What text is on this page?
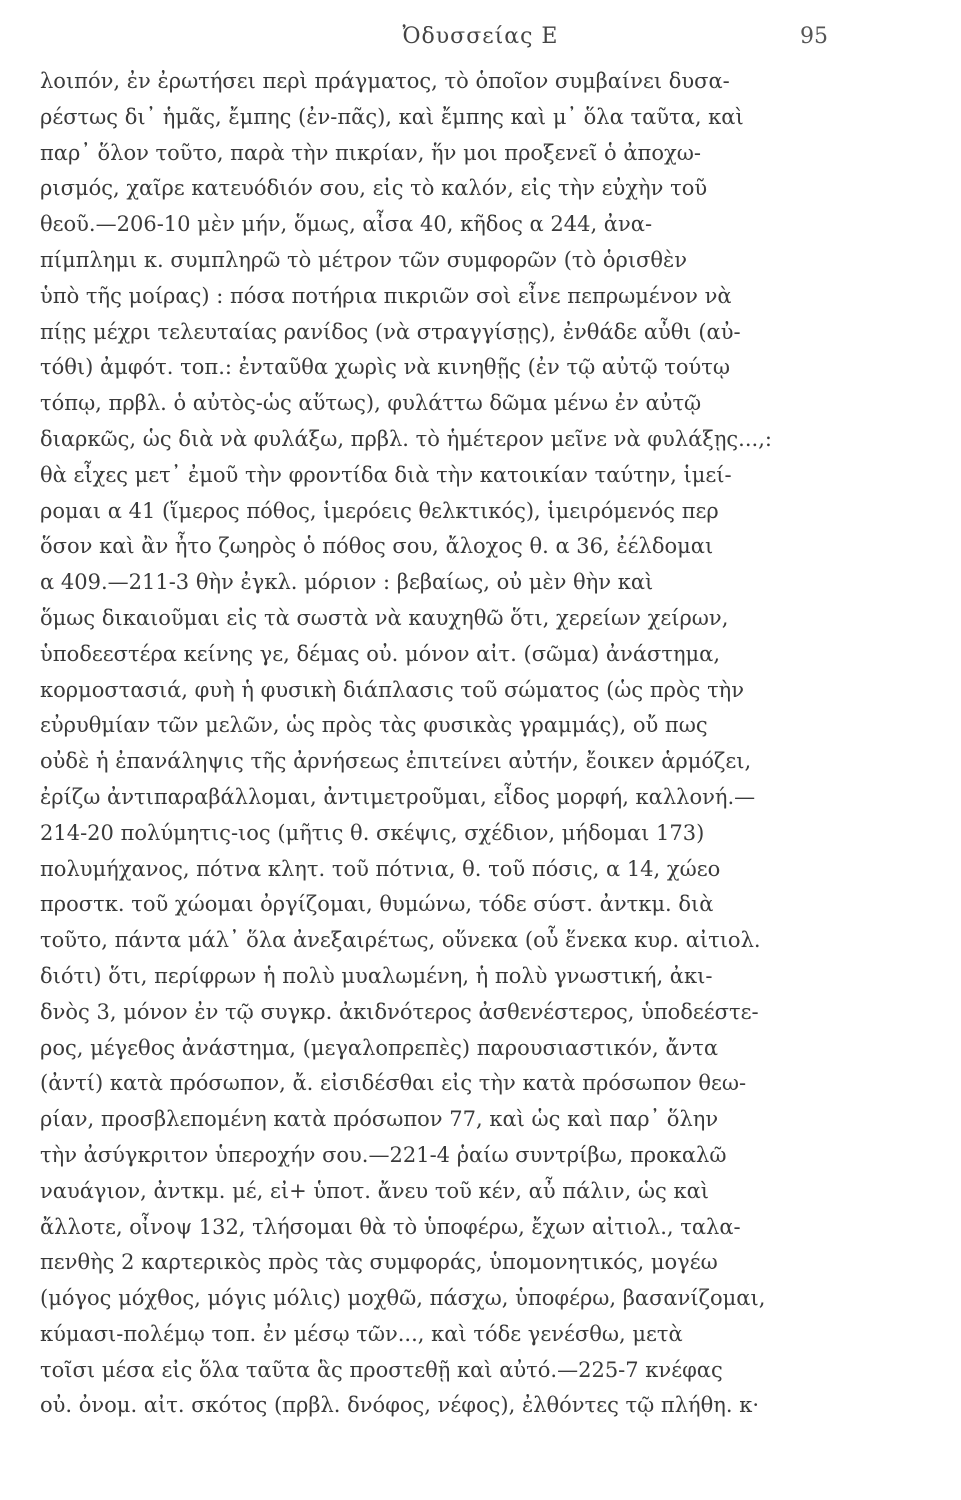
Ὀδυσσείας Ε	95
λοιπόν, ἐν ἐρωτήσει περὶ πράγματος, τὸ ὁποῖον συμβαίνει δυσα-
ρέστως δι᾿ ἡμᾶς, ἔμπης (ἐν-πᾶς), καὶ ἔμπης καὶ μ᾿ ὅλα ταῦτα, καὶ
παρ᾿ ὅλον τοῦτο, παρὰ τὴν πικρίαν, ἥν μοι προξενεῖ ὁ ἀποχω-
ρισμός, χαῖρε κατευόδιόν σου, εἰς τὸ καλόν, εἰς τὴν εὐχὴν τοῦ
θεοῦ.—206-10 μὲν μήν, ὅμως, αἶσα 40, κῆδος α 244, ἀνα-
πίμπλημι κ. συμπληρῶ τὸ μέτρον τῶν συμφορῶν (τὸ ὁρισθὲν
ὑπὸ τῆς μοίρας) : πόσα ποτήρια πικριῶν σοὶ εἶνε πεπρωμένον νὰ
πίῃς μέχρι τελευταίας ρανίδος (νὰ στραγγίσῃς), ἐνθάδε αὖθι (αὐ-
τόθι) ἀμφότ. τοπ.: ἐνταῦθα χωρὶς νὰ κινηθῇς (ἐν τῷ αὐτῷ τούτῳ
τόπῳ, πρβλ. ὁ αὐτὸς-ὡς αὕτως), φυλάττω δῶμα μένω ἐν αὐτῷ
διαρκῶς, ὡς διὰ νὰ φυλάξω, πρβλ. τὸ ἡμέτερον μεῖνε νὰ φυλάξῃς...,:
θὰ εἶχες μετ᾿ ἐμοῦ τὴν φροντίδα διὰ τὴν κατοικίαν ταύτην, ἱμεί-
ρομαι α 41 (ἵμερος πόθος, ἱμερόεις θελκτικός), ἱμειρόμενός περ
ὅσον καὶ ἂν ἦτο ζωηρὸς ὁ πόθος σου, ἄλοχος θ. α 36, ἐέλδομαι
α 409.—211-3 θὴν ἐγκλ. μόριον : βεβαίως, οὐ μὲν θὴν καὶ
ὅμως δικαιοῦμαι εἰς τὰ σωστὰ νὰ καυχηθῶ ὅτι, χερείων χείρων,
ὑποδεεστέρα κείνης γε, δέμας οὐ. μόνον αἰτ. (σῶμα) ἀνάστημα,
κορμοστασιά, φυὴ ἡ φυσικὴ διάπλασις τοῦ σώματος (ὡς πρὸς τὴν
εὐρυθμίαν τῶν μελῶν, ὡς πρὸς τὰς φυσικὰς γραμμάς), οὔ πως
οὐδὲ ἡ ἐπανάληψις τῆς ἀρνήσεως ἐπιτείνει αὐτήν, ἔοικεν ἁρμόζει,
ἐρίζω ἀντιπαραβάλλομαι, ἀντιμετροῦμαι, εἶδος μορφή, καλλονή.—
214-20 πολύμητις-ιος (μῆτις θ. σκέψις, σχέδιον, μήδομαι 173)
πολυμήχανος, πότνα κλητ. τοῦ πότνια, θ. τοῦ πόσις, α 14, χώεο
προστκ. τοῦ χώομαι ὀργίζομαι, θυμώνω, τόδε σύστ. ἀντκμ. διὰ
τοῦτο, πάντα μάλ᾿ ὅλα ἀνεξαιρέτως, οὕνεκα (οὗ ἕνεκα κυρ. αἰτιολ.
διότι) ὅτι, περίφρων ἡ πολὺ μυαλωμένη, ἡ πολὺ γνωστική, ἀκι-
δνὸς 3, μόνον ἐν τῷ συγκρ. ἀκιδνότερος ἀσθενέστερος, ὑποδεέστε-
ρος, μέγεθος ἀνάστημα, (μεγαλοπρεπὲς) παρουσιαστικόν, ἄντα
(ἀντί) κατὰ πρόσωπον, ἄ. εἰσιδέσθαι εἰς τὴν κατὰ πρόσωπον θεω-
ρίαν, προσβλεπομένη κατὰ πρόσωπον 77, καὶ ὡς καὶ παρ᾿ ὅλην
τὴν ἀσύγκριτον ὑπεροχήν σου.—221-4 ῥαίω συντρίβω, προκαλῶ
ναυάγιον, ἀντκμ. μέ, εἰ+ ὑποτ. ἄνευ τοῦ κέν, αὖ πάλιν, ὡς καὶ
ἄλλοτε, οἶνοψ 132, τλήσομαι θὰ τὸ ὑποφέρω, ἔχων αἰτιολ., ταλα-
πενθὴς 2 καρτερικὸς πρὸς τὰς συμφοράς, ὑπομονητικός, μογέω
(μόγος μόχθος, μόγις μόλις) μοχθῶ, πάσχω, ὑποφέρω, βασανίζομαι,
κύμασι-πολέμῳ τοπ. ἐν μέσῳ τῶν..., καὶ τόδε γενέσθω, μετὰ
τοῖσι μέσα εἰς ὅλα ταῦτα ἃς προστεθῇ καὶ αὐτό.—225-7 κνέφας
οὐ. ὀνομ. αἰτ. σκότος (πρβλ. δνόφος, νέφος), ἐλθόντες τῷ πλήθη. κ·
